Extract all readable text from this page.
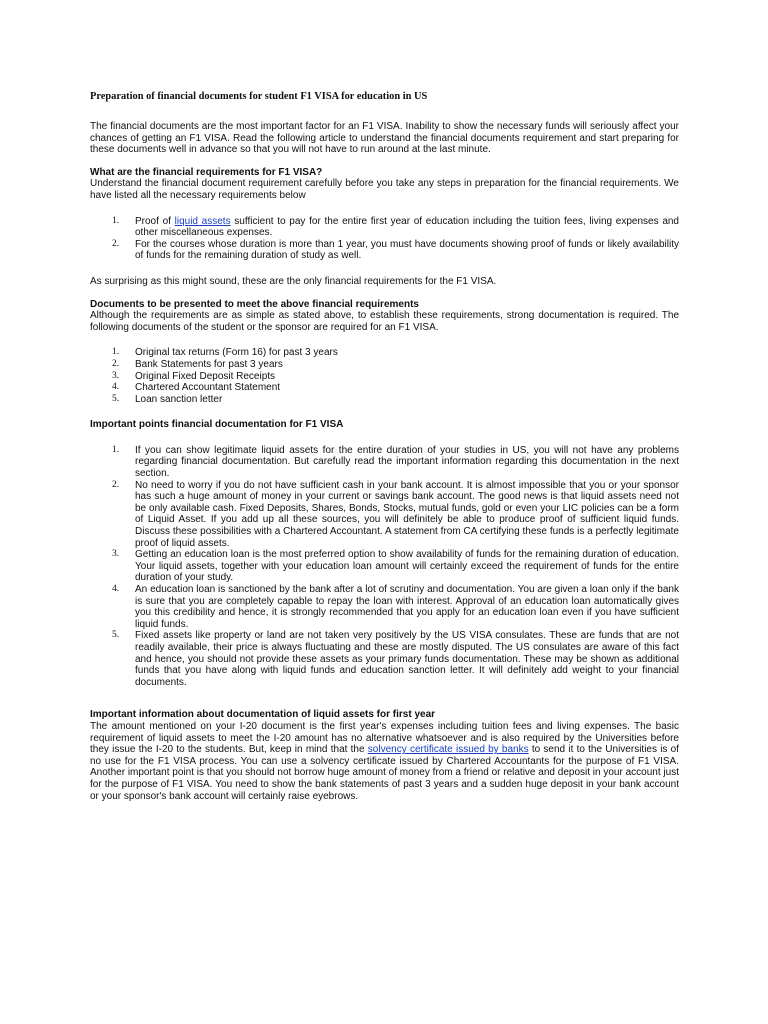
Preparation of financial documents for student F1 VISA for education in US

The financial documents are the most important factor for an F1 VISA. Inability to show the necessary funds will seriously affect your chances of getting an F1 VISA. Read the following article to understand the financial documents requirement and start preparing for these documents well in advance so that you will not have to run around at the last minute.

What are the financial requirements for F1 VISA?

Understand the financial document requirement carefully before you take any steps in preparation for the financial requirements. We have listed all the necessary requirements below

1. Proof of liquid assets sufficient to pay for the entire first year of education including the tuition fees, living expenses and other miscellaneous expenses.
2. For the courses whose duration is more than 1 year, you must have documents showing proof of funds or likely availability of funds for the remaining duration of study as well.

As surprising as this might sound, these are the only financial requirements for the F1 VISA.

Documents to be presented to meet the above financial requirements

Although the requirements are as simple as stated above, to establish these requirements, strong documentation is required. The following documents of the student or the sponsor are required for an F1 VISA.

1. Original tax returns (Form 16) for past 3 years
2. Bank Statements for past 3 years
3. Original Fixed Deposit Receipts
4. Chartered Accountant Statement
5. Loan sanction letter
Important points financial documentation for F1 VISA
1. If you can show legitimate liquid assets for the entire duration of your studies in US, you will not have any problems regarding financial documentation. But carefully read the important information regarding this documentation in the next section.
2. No need to worry if you do not have sufficient cash in your bank account. It is almost impossible that you or your sponsor has such a huge amount of money in your current or savings bank account. The good news is that liquid assets need not be only available cash. Fixed Deposits, Shares, Bonds, Stocks, mutual funds, gold or even your LIC policies can be a form of Liquid Asset. If you add up all these sources, you will definitely be able to produce proof of sufficient liquid funds. Discuss these possibilities with a Chartered Accountant. A statement from CA certifying these funds is a perfectly legitimate proof of liquid assets.
3. Getting an education loan is the most preferred option to show availability of funds for the remaining duration of education. Your liquid assets, together with your education loan amount will certainly exceed the requirement of funds for the entire duration of your study.
4. An education loan is sanctioned by the bank after a lot of scrutiny and documentation. You are given a loan only if the bank is sure that you are completely capable to repay the loan with interest. Approval of an education loan automatically gives you this credibility and hence, it is strongly recommended that you apply for an education loan even if you have sufficient liquid funds.
5. Fixed assets like property or land are not taken very positively by the US VISA consulates. These are funds that are not readily available, their price is always fluctuating and these are mostly disputed. The US consulates are aware of this fact and hence, you should not provide these assets as your primary funds documentation. These may be shown as additional funds that you have along with liquid funds and education sanction letter. It will definitely add weight to your financial documents.
Important information about documentation of liquid assets for first year

The amount mentioned on your I-20 document is the first year's expenses including tuition fees and living expenses. The basic requirement of liquid assets to meet the I-20 amount has no alternative whatsoever and is also required by the Universities before they issue the I-20 to the students. But, keep in mind that the solvency certificate issued by banks to send it to the Universities is of no use for the F1 VISA process. You can use a solvency certificate issued by Chartered Accountants for the purpose of F1 VISA. Another important point is that you should not borrow huge amount of money from a friend or relative and deposit in your account just for the purpose of F1 VISA. You need to show the bank statements of past 3 years and a sudden huge deposit in your bank account or your sponsor's bank account will certainly raise eyebrows.
